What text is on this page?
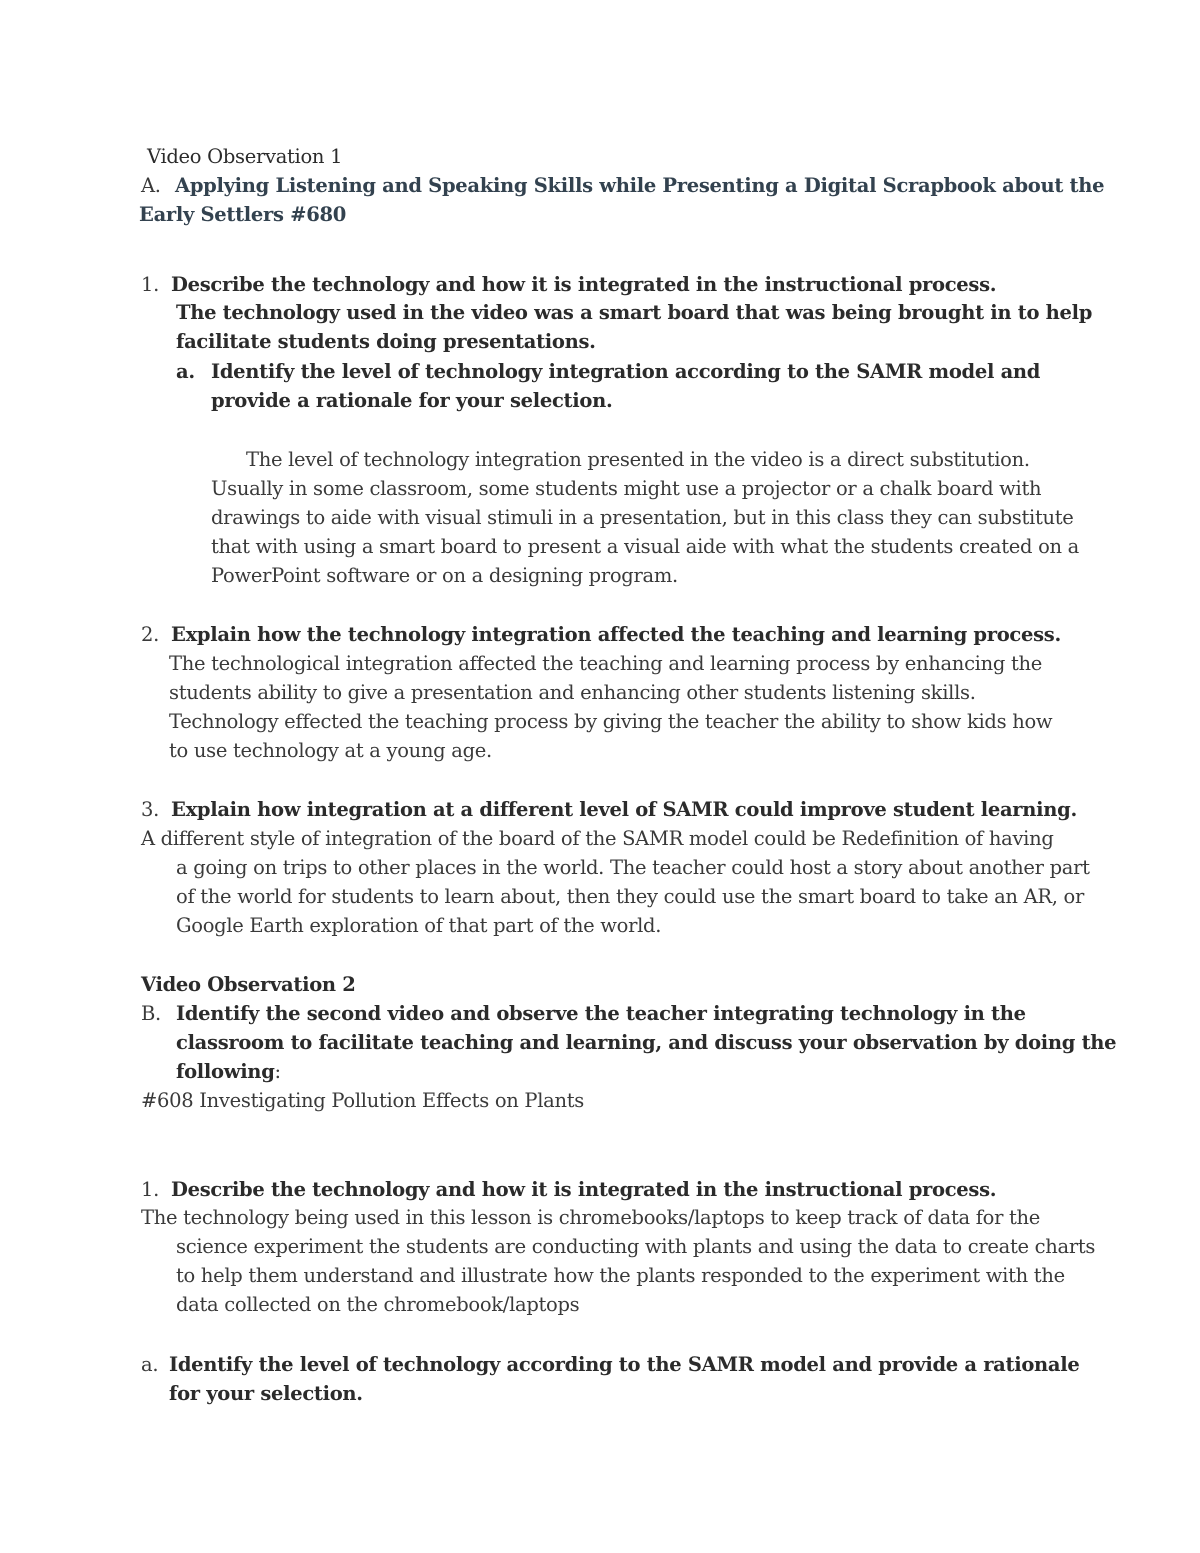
Video Observation 1
A. Applying Listening and Speaking Skills while Presenting a Digital Scrapbook about the
Early Settlers #680
1. Describe the technology and how it is integrated in the instructional process.
The technology used in the video was a smart board that was being brought in to help
facilitate students doing presentations.
a. Identify the level of technology integration according to the SAMR model and
provide a rationale for your selection.
The level of technology integration presented in the video is a direct substitution.
Usually in some classroom, some students might use a projector or a chalk board with
drawings to aide with visual stimuli in a presentation, but in this class they can substitute
that with using a smart board to present a visual aide with what the students created on a
PowerPoint software or on a designing program.
2. Explain how the technology integration affected the teaching and learning process.
The technological integration affected the teaching and learning process by enhancing the
students ability to give a presentation and enhancing other students listening skills.
Technology effected the teaching process by giving the teacher the ability to show kids how
to use technology at a young age.
3. Explain how integration at a different level of SAMR could improve student learning.
A different style of integration of the board of the SAMR model could be Redefinition of having
a going on trips to other places in the world. The teacher could host a story about another part
of the world for students to learn about, then they could use the smart board to take an AR, or
Google Earth exploration of that part of the world.
Video Observation 2
B. Identify the second video and observe the teacher integrating technology in the
classroom to facilitate teaching and learning, and discuss your observation by doing the
following:
#608 Investigating Pollution Effects on Plants
1. Describe the technology and how it is integrated in the instructional process.
The technology being used in this lesson is chromebooks/laptops to keep track of data for the
science experiment the students are conducting with plants and using the data to create charts
to help them understand and illustrate how the plants responded to the experiment with the
data collected on the chromebook/laptops
a. Identify the level of technology according to the SAMR model and provide a rationale
for your selection.
